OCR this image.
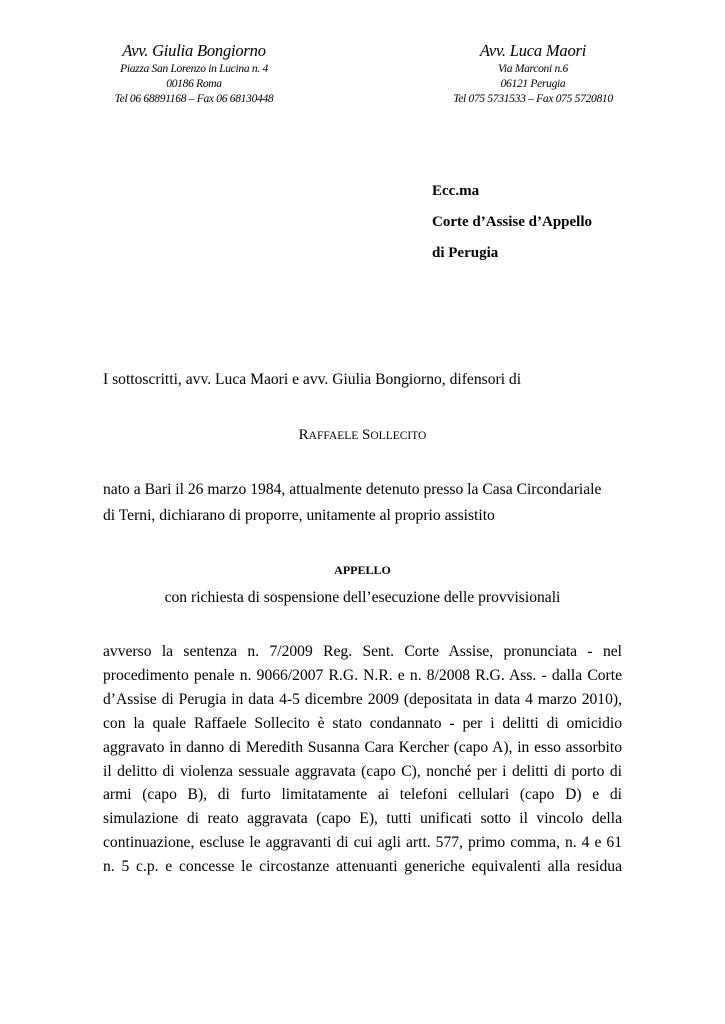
Avv. Giulia Bongiorno
Piazza San Lorenzo in Lucina n. 4
00186 Roma
Tel 06 68891168 – Fax 06 68130448
Avv. Luca Maori
Via Marconi n.6
06121 Perugia
Tel 075 5731533 – Fax 075 5720810
Ecc.ma
Corte d’Assise d’Appello
di Perugia
I sottoscritti, avv. Luca Maori e avv. Giulia Bongiorno, difensori di
RAFFAELE SOLLECITO
nato a Bari il 26 marzo 1984, attualmente detenuto presso la Casa Circondariale
di Terni, dichiarano di proporre, unitamente al proprio assistito
APPELLO
con richiesta di sospensione dell’esecuzione delle provvisionali
avverso la sentenza n. 7/2009 Reg. Sent. Corte Assise, pronunciata - nel
procedimento penale n. 9066/2007 R.G. N.R. e n. 8/2008 R.G. Ass. - dalla Corte
d’Assise di Perugia in data 4-5 dicembre 2009 (depositata in data 4 marzo 2010),
con la quale Raffaele Sollecito è stato condannato - per i delitti di omicidio
aggravato in danno di Meredith Susanna Cara Kercher (capo A), in esso assorbito
il delitto di violenza sessuale aggravata (capo C), nonché per i delitti di porto di
armi (capo B), di furto limitatamente ai telefoni cellulari (capo D) e di
simulazione di reato aggravata (capo E), tutti unificati sotto il vincolo della
continuazione, escluse le aggravanti di cui agli artt. 577, primo comma, n. 4 e 61
n. 5 c.p. e concesse le circostanze attenuanti generiche equivalenti alla residua
